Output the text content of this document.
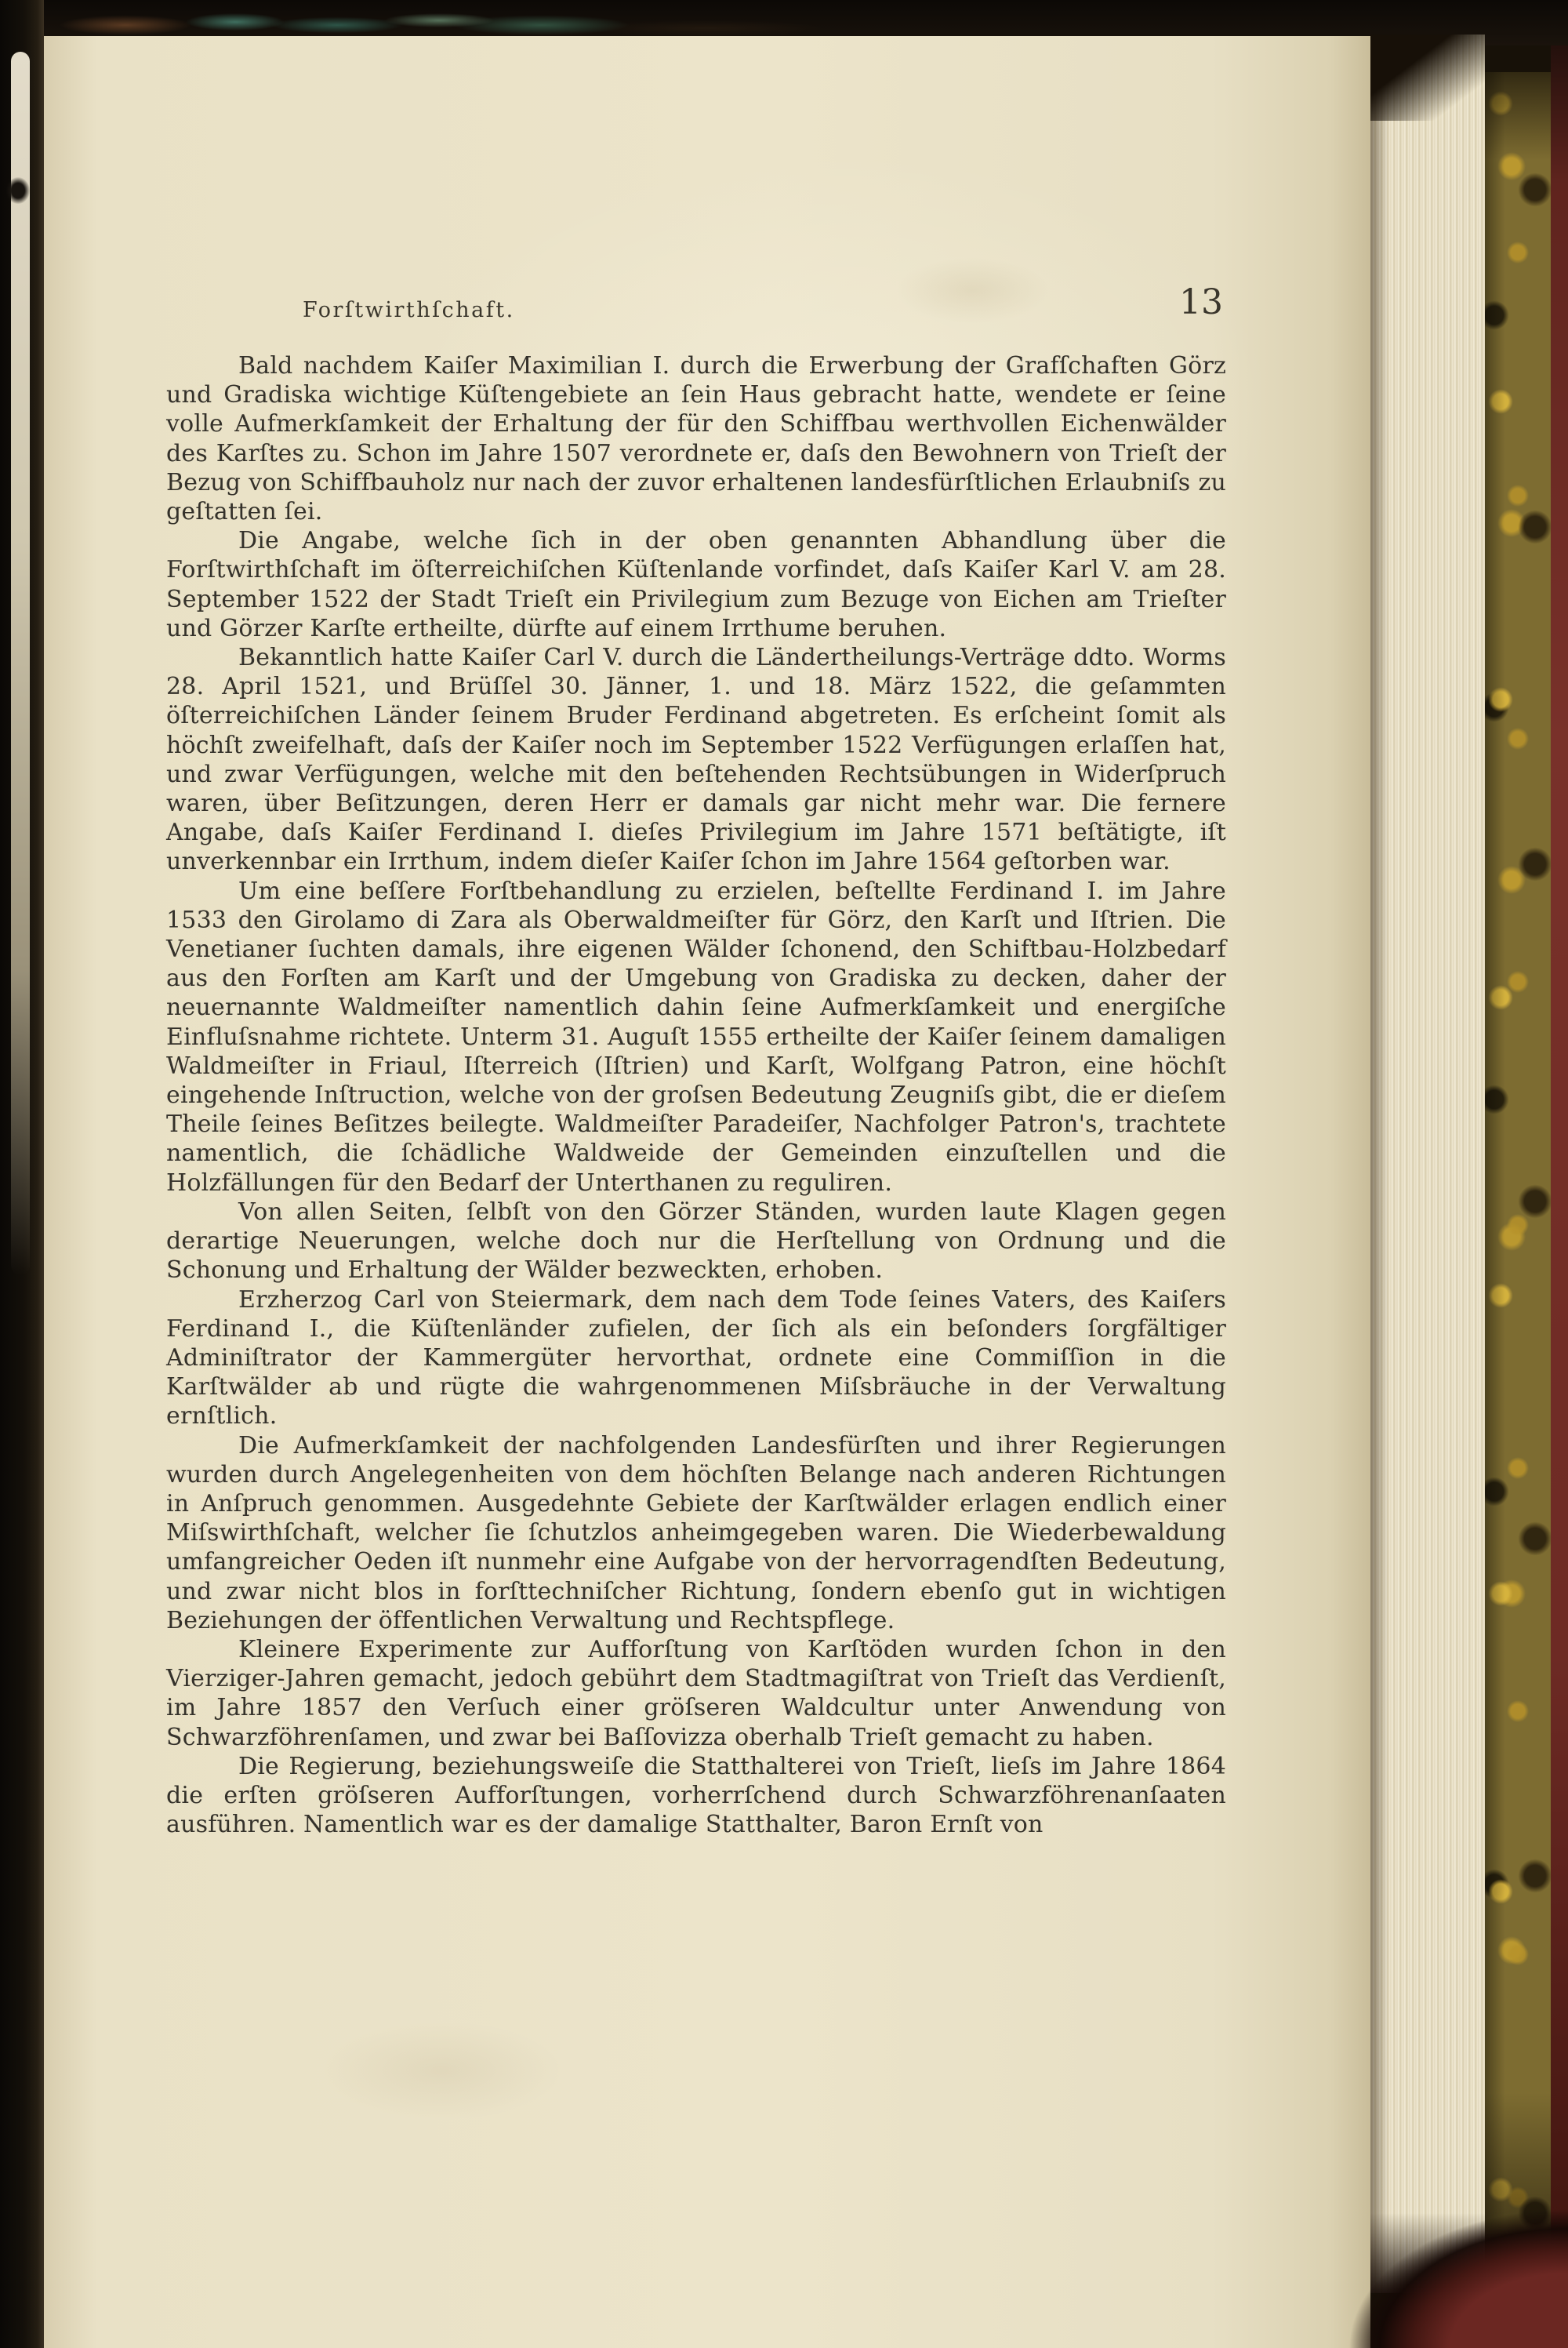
Forſtwirthſchaft.	13

Bald nachdem Kaiſer Maximilian I. durch die Erwerbung der Grafſchaften Görz und Gradiska wichtige Küſtengebiete an ſein Haus gebracht hatte, wendete er ſeine volle Aufmerkſamkeit der Erhaltung der für den Schiffbau werthvollen Eichenwälder des Karſtes zu. Schon im Jahre 1507 verordnete er, daſs den Bewohnern von Trieſt der Bezug von Schiffbauholz nur nach der zuvor erhaltenen landesfürſtlichen Erlaubniſs zu geſtatten ſei.

Die Angabe, welche ſich in der oben genannten Abhandlung über die Forſtwirthſchaft im öſterreichiſchen Küſtenlande vorfindet, daſs Kaiſer Karl V. am 28. September 1522 der Stadt Trieſt ein Privilegium zum Bezuge von Eichen am Trieſter und Görzer Karſte ertheilte, dürfte auf einem Irrthume beruhen.

Bekanntlich hatte Kaiſer Carl V. durch die Ländertheilungs-Verträge ddto. Worms 28. April 1521, und Brüſſel 30. Jänner, 1. und 18. März 1522, die geſammten öſterreichiſchen Länder ſeinem Bruder Ferdinand abgetreten. Es erſcheint ſomit als höchſt zweifelhaft, daſs der Kaiſer noch im September 1522 Verfügungen erlaſſen hat, und zwar Verfügungen, welche mit den beſtehenden Rechtsübungen in Widerſpruch waren, über Beſitzungen, deren Herr er damals gar nicht mehr war. Die fernere Angabe, daſs Kaiſer Ferdinand I. dieſes Privilegium im Jahre 1571 beſtätigte, iſt unverkennbar ein Irrthum, indem dieſer Kaiſer ſchon im Jahre 1564 geſtorben war.

Um eine beſſere Forſtbehandlung zu erzielen, beſtellte Ferdinand I. im Jahre 1533 den Girolamo di Zara als Oberwaldmeiſter für Görz, den Karſt und Iſtrien. Die Venetianer ſuchten damals, ihre eigenen Wälder ſchonend, den Schiftbau-Holzbedarf aus den Forſten am Karſt und der Umgebung von Gradiska zu decken, daher der neuernannte Waldmeiſter namentlich dahin ſeine Aufmerkſamkeit und energiſche Einfluſsnahme richtete. Unterm 31. Auguſt 1555 ertheilte der Kaiſer ſeinem damaligen Waldmeiſter in Friaul, Iſterreich (Iſtrien) und Karſt, Wolfgang Patron, eine höchſt eingehende Inſtruction, welche von der groſsen Bedeutung Zeugniſs gibt, die er dieſem Theile ſeines Beſitzes beilegte. Waldmeiſter Paradeiſer, Nachfolger Patron's, trachtete namentlich, die ſchädliche Waldweide der Gemeinden einzuſtellen und die Holzfällungen für den Bedarf der Unterthanen zu reguliren.

Von allen Seiten, ſelbſt von den Görzer Ständen, wurden laute Klagen gegen derartige Neuerungen, welche doch nur die Herſtellung von Ordnung und die Schonung und Erhaltung der Wälder bezweckten, erhoben.

Erzherzog Carl von Steiermark, dem nach dem Tode ſeines Vaters, des Kaiſers Ferdinand I., die Küſtenländer zufielen, der ſich als ein beſonders ſorgfältiger Adminiſtrator der Kammergüter hervorthat, ordnete eine Commiſſion in die Karſtwälder ab und rügte die wahrgenommenen Miſsbräuche in der Verwaltung ernſtlich.

Die Aufmerkſamkeit der nachfolgenden Landesfürſten und ihrer Regierungen wurden durch Angelegenheiten von dem höchſten Belange nach anderen Richtungen in Anſpruch genommen. Ausgedehnte Gebiete der Karſtwälder erlagen endlich einer Miſswirthſchaft, welcher ſie ſchutzlos anheimgegeben waren. Die Wiederbewaldung umfangreicher Oeden iſt nunmehr eine Aufgabe von der hervorragendſten Bedeutung, und zwar nicht blos in forſttechniſcher Richtung, ſondern ebenſo gut in wichtigen Beziehungen der öffentlichen Verwaltung und Rechtspflege.

Kleinere Experimente zur Aufforſtung von Karſtöden wurden ſchon in den Vierziger-Jahren gemacht, jedoch gebührt dem Stadtmagiſtrat von Trieſt das Verdienſt, im Jahre 1857 den Verſuch einer gröſseren Waldcultur unter Anwendung von Schwarzföhrenſamen, und zwar bei Baſſovizza oberhalb Trieſt gemacht zu haben.

Die Regierung, beziehungsweiſe die Statthalterei von Trieſt, lieſs im Jahre 1864 die erſten gröſseren Aufforſtungen, vorherrſchend durch Schwarzföhrenanſaaten ausführen. Namentlich war es der damalige Statthalter, Baron Ernſt von
